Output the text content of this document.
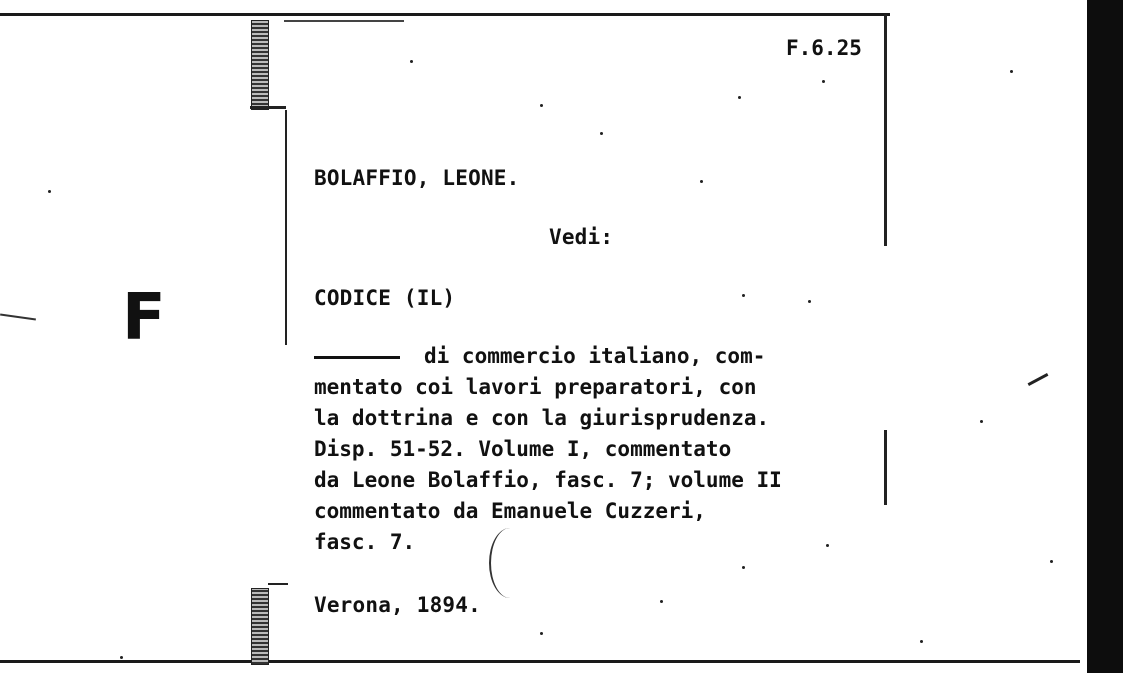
F
F.6.25
BOLAFFIO, LEONE.
Vedi:
CODICE (IL)
di commercio italiano, com-
mentato coi lavori preparatori, con
la dottrina e con la giurisprudenza.
Disp. 51-52. Volume I, commentato
da Leone Bolaffio, fasc. 7; volume II
commentato da Emanuele Cuzzeri,
fasc. 7.
Verona, 1894.
